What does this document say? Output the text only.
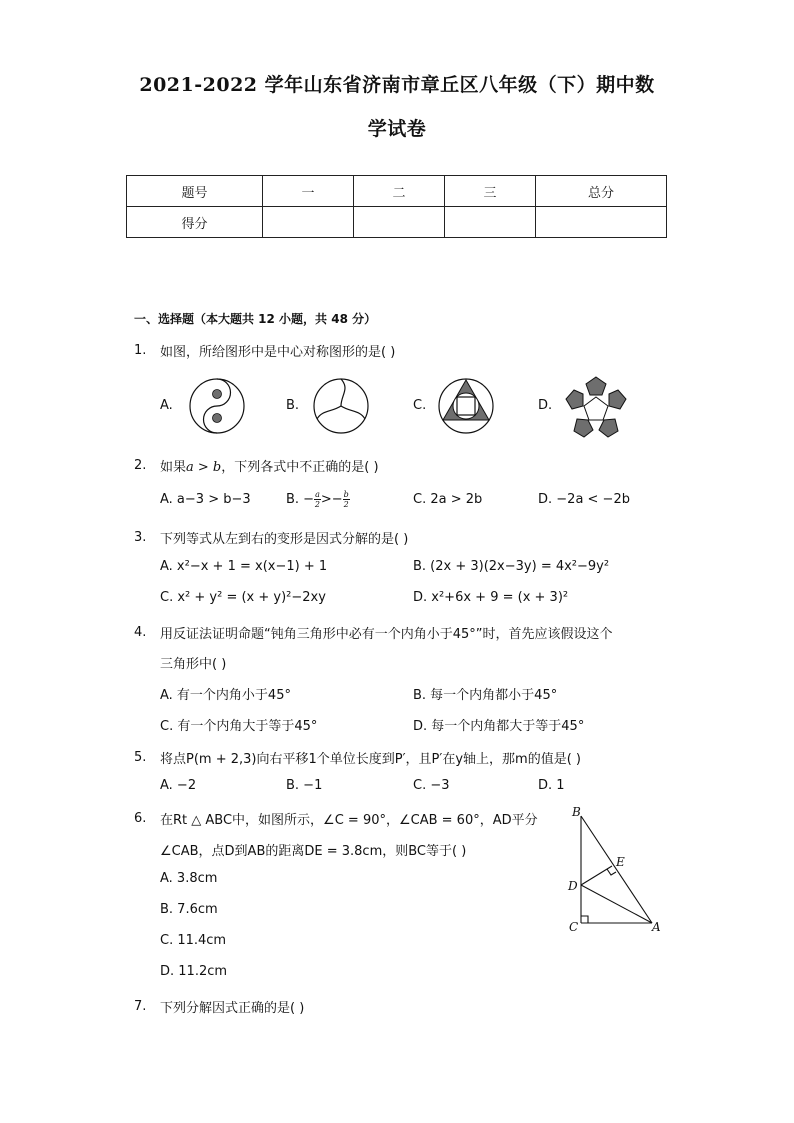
2021-2022 学年山东省济南市章丘区八年级（下）期中数
学试卷
题号	一	二	三	总分
得分				
一、选择题（本大题共 12 小题，共 48 分）
1. 如图，所给图形中是中心对称图形的是( )
A.	B.	C.	D.
2. 如果a > b，下列各式中不正确的是( )
A. a−3 > b−3	B. − $\frac{a}{2} >- \frac{b}{2}$	C. 2a > 2b	D. −2a < −2b
3. 下列等式从左到右的变形是因式分解的是( )
A. x²−x + 1 = x(x−1) + 1	B. (2x + 3)(2x−3y) = 4x²−9y²
C. x² + y² = (x + y)²−2xy	D. x²+6x + 9 = (x + 3)²
4. 用反证法证明命题“钝角三角形中必有一个内角小于45°”时，首先应该假设这个
三角形中( )
A. 有一个内角小于45°	B. 每一个内角都小于45°
C. 有一个内角大于等于45°	D. 每一个内角都大于等于45°
5. 将点P(m + 2,3)向右平移1个单位长度到P′，且P′在y轴上，那m的值是( )
A. −2	B. −1	C. −3	D. 1
6. 在Rt △ ABC中，如图所示，∠C = 90°，∠CAB = 60°，AD平分
∠CAB，点D到AB的距离DE = 3.8cm，则BC等于( )
A. 3.8cm
B. 7.6cm
C. 11.4cm
D. 11.2cm
B
E
D
C	A
7. 下列分解因式正确的是( )
